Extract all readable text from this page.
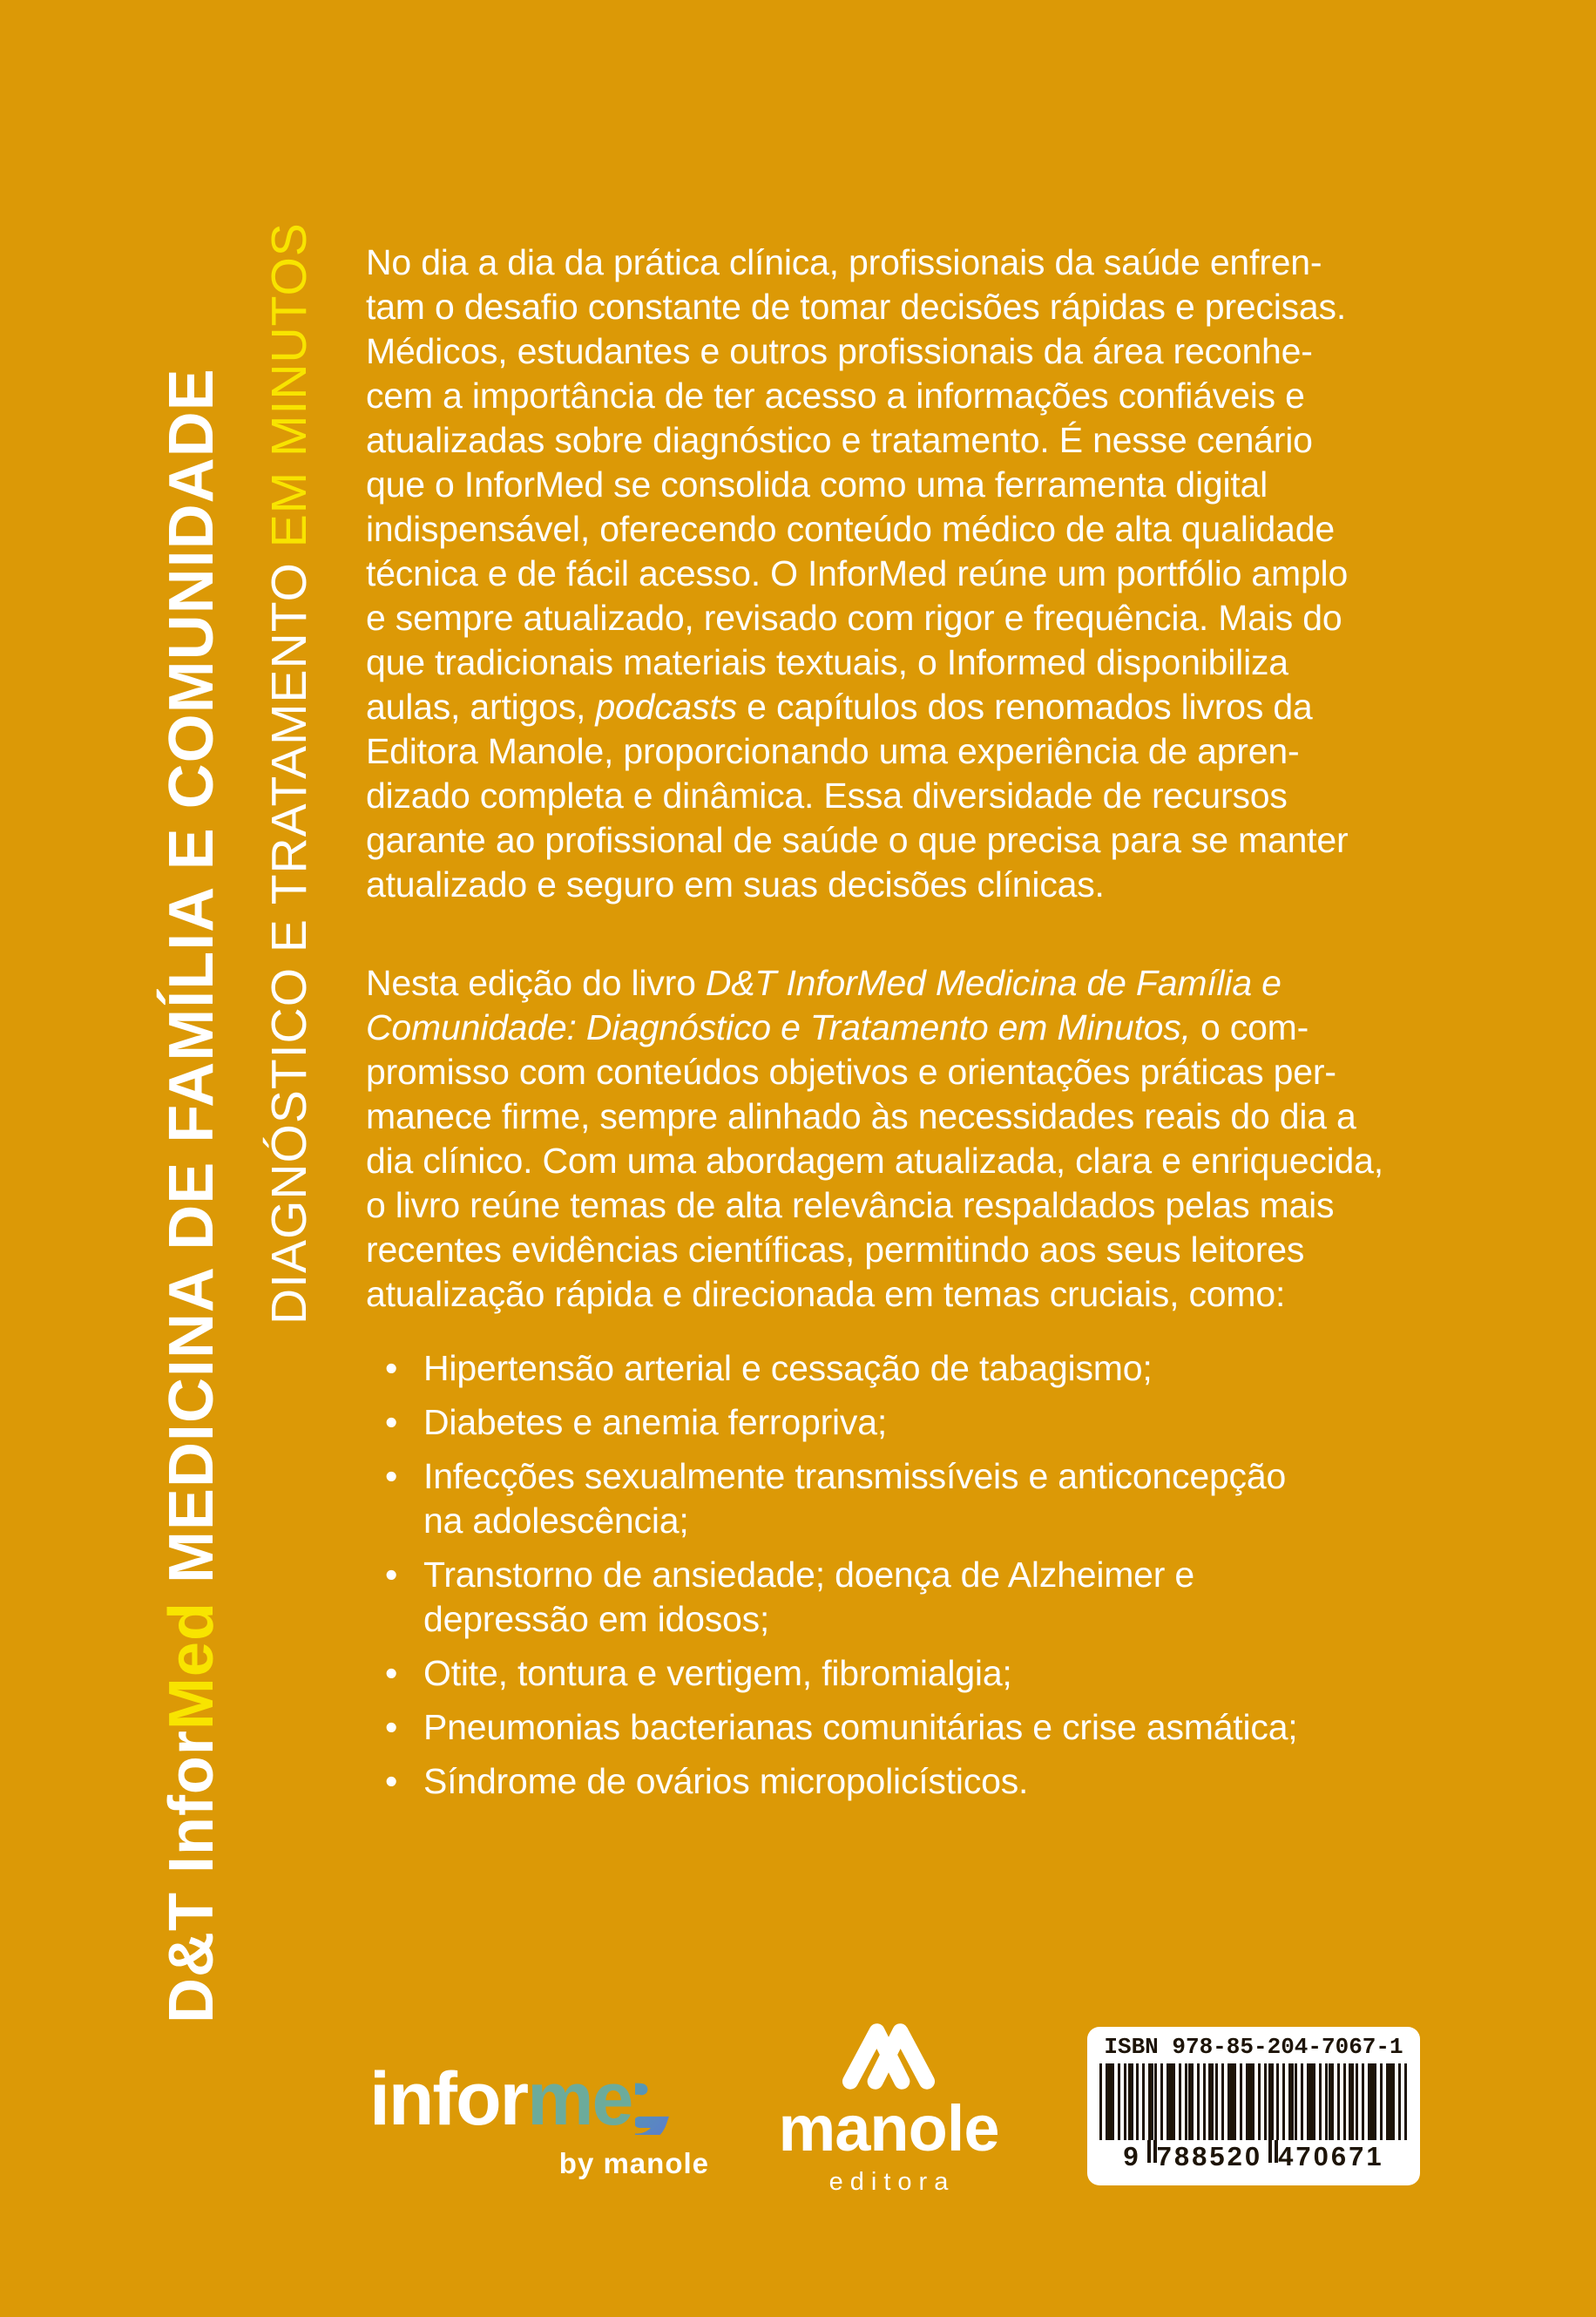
D&T InforMed MEDICINA DE FAMÍLIA E COMUNIDADE DIAGNÓSTICO E TRATAMENTO EM MINUTOS No dia a dia da prática clínica, profissionais da saúde enfren-
tam o desafio constante de tomar decisões rápidas e precisas.
Médicos, estudantes e outros profissionais da área reconhe-
cem a importância de ter acesso a informações confiáveis e
atualizadas sobre diagnóstico e tratamento. É nesse cenário
que o InforMed se consolida como uma ferramenta digital
indispensável, oferecendo conteúdo médico de alta qualidade
técnica e de fácil acesso. O InforMed reúne um portfólio amplo
e sempre atualizado, revisado com rigor e frequência. Mais do
que tradicionais materiais textuais, o Informed disponibiliza
aulas, artigos, podcasts e capítulos dos renomados livros da
Editora Manole, proporcionando uma experiência de apren-
dizado completa e dinâmica. Essa diversidade de recursos
garante ao profissional de saúde o que precisa para se manter
atualizado e seguro em suas decisões clínicas.
Nesta edição do livro D&T InforMed Medicina de Família e
Comunidade: Diagnóstico e Tratamento em Minutos, o com-
promisso com conteúdos objetivos e orientações práticas per-
manece firme, sempre alinhado às necessidades reais do dia a
dia clínico. Com uma abordagem atualizada, clara e enriquecida,
o livro reúne temas de alta relevância respaldados pelas mais
recentes evidências científicas, permitindo aos seus leitores
atualização rápida e direcionada em temas cruciais, como:
• Hipertensão arterial e cessação de tabagismo;
• Diabetes e anemia ferropriva;
• Infecções sexualmente transmissíveis e anticoncepção
na adolescência;
• Transtorno de ansiedade; doença de Alzheimer e
depressão em idosos;
• Otite, tontura e vertigem, fibromialgia;
• Pneumonias bacterianas comunitárias e crise asmática;
• Síndrome de ovários micropolicísticos.
infor me
by manole	manole
editora
ISBN 978-85-204-7067-1
9 788520 470671
